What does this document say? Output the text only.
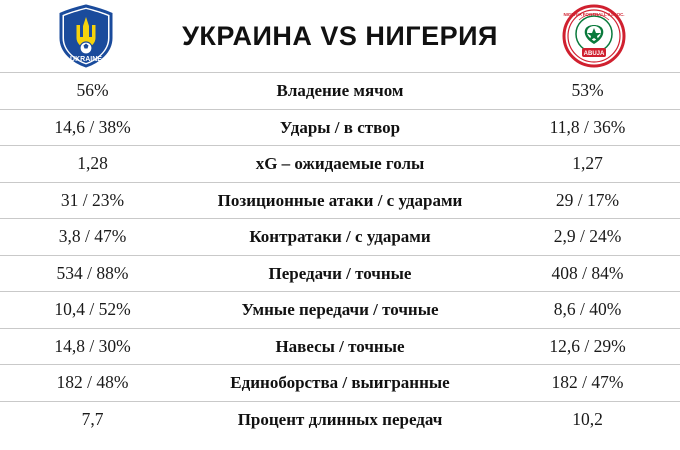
UKRAINE
УКРАИНА VS НИГЕРИЯ
NIGERIA FOOTBALL ASSOC.
ABUJA
56%	Владение мячом	53%
14,6 / 38%	Удары / в створ	11,8 / 36%
1,28	xG – ожидаемые голы	1,27
31 / 23%	Позиционные атаки / с ударами	29 / 17%
3,8 / 47%	Контратаки / с ударами	2,9 / 24%
534 / 88%	Передачи / точные	408 / 84%
10,4 / 52%	Умные передачи / точные	8,6 / 40%
14,8 / 30%	Навесы / точные	12,6 / 29%
182 / 48%	Единоборства / выигранные	182 / 47%
7,7	Процент длинных передач	10,2
